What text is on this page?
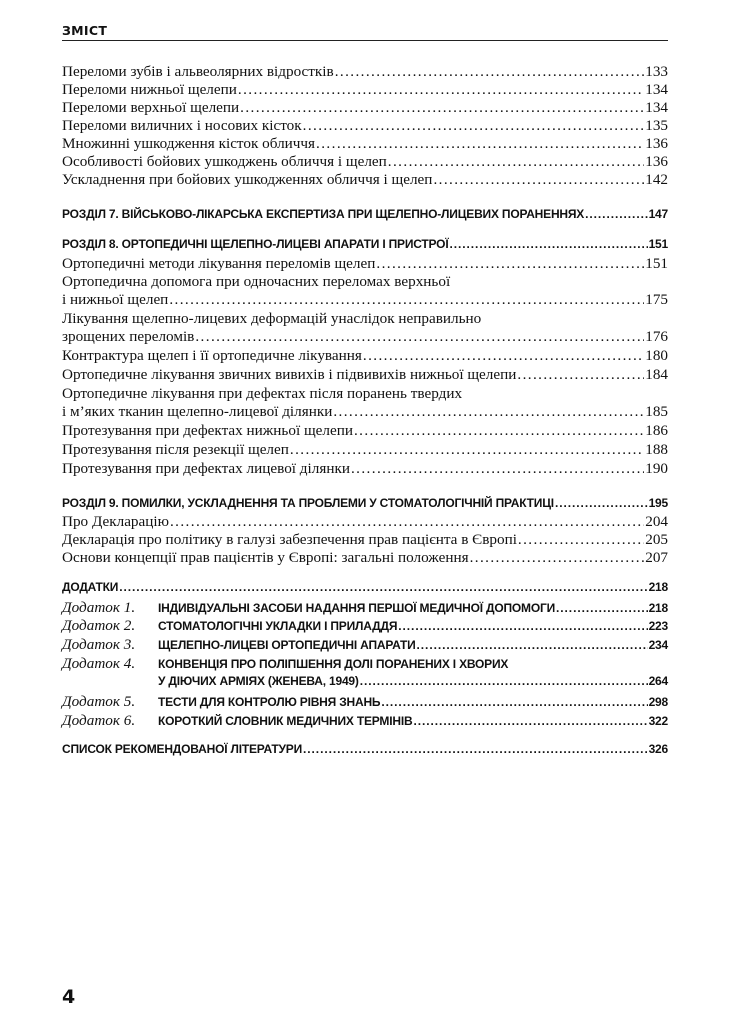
ЗМІСТ
Переломи зубів і альвеолярних відростків . . .	133
Переломи нижньої щелепи . . .	134
Переломи верхньої щелепи . . .	134
Переломи виличних і носових кісток . . .	135
Множинні ушкодження кісток обличчя . . .	136
Особливості бойових ушкоджень обличчя і щелеп . . .	136
Ускладнення при бойових ушкодженнях обличчя і щелеп . . .	142
РОЗДІЛ 7. ВІЙСЬКОВО-ЛІКАРСЬКА ЕКСПЕРТИЗА ПРИ ЩЕЛЕПНО-ЛИЦЕВИХ ПОРАНЕННЯХ . . .	147
РОЗДІЛ 8. ОРТОПЕДИЧНІ ЩЕЛЕПНО-ЛИЦЕВІ АПАРАТИ І ПРИСТРОЇ . . .	151
Ортопедичні методи лікування переломів щелеп . . .	151
Ортопедична допомога при одночасних переломах верхньої
і нижньої щелеп . . .	175
Лікування щелепно-лицевих деформацій унаслідок неправильно
зрощених переломів . . .	176
Контрактура щелеп і її ортопедичне лікування . . .	180
Ортопедичне лікування звичних вивихів і підвивихів нижньої щелепи . . .	184
Ортопедичне лікування при дефектах після поранень твердих
і м’яких тканин щелепно-лицевої ділянки . . .	185
Протезування при дефектах нижньої щелепи . . .	186
Протезування після резекції щелеп . . .	188
Протезування при дефектах лицевої ділянки . . .	190
РОЗДІЛ 9. ПОМИЛКИ, УСКЛАДНЕННЯ ТА ПРОБЛЕМИ У СТОМАТОЛОГІЧНІЙ ПРАКТИЦІ . . .	195
Про Декларацію . . .	204
Декларація про політику в галузі забезпечення прав пацієнта в Європі . . .	205
Основи концепції прав пацієнтів у Європі: загальні положення . . .	207
ДОДАТКИ . . .	218
Додаток 1. ІНДИВІДУАЛЬНІ ЗАСОБИ НАДАННЯ ПЕРШОЇ МЕДИЧНОЇ ДОПОМОГИ . . .	218
Додаток 2. СТОМАТОЛОГІЧНІ УКЛАДКИ І ПРИЛАДДЯ . . .	223
Додаток 3. ЩЕЛЕПНО-ЛИЦЕВІ ОРТОПЕДИЧНІ АПАРАТИ . . .	234
Додаток 4. КОНВЕНЦІЯ ПРО ПОЛІПШЕННЯ ДОЛІ ПОРАНЕНИХ І ХВОРИХ
У ДІЮЧИХ АРМІЯХ (ЖЕНЕВА, 1949) . . .	264
Додаток 5. ТЕСТИ ДЛЯ КОНТРОЛЮ РІВНЯ ЗНАНЬ . . .	298
Додаток 6. КОРОТКИЙ СЛОВНИК МЕДИЧНИХ ТЕРМІНІВ . . .	322
СПИСОК РЕКОМЕНДОВАНОЇ ЛІТЕРАТУРИ . . .	326
4
